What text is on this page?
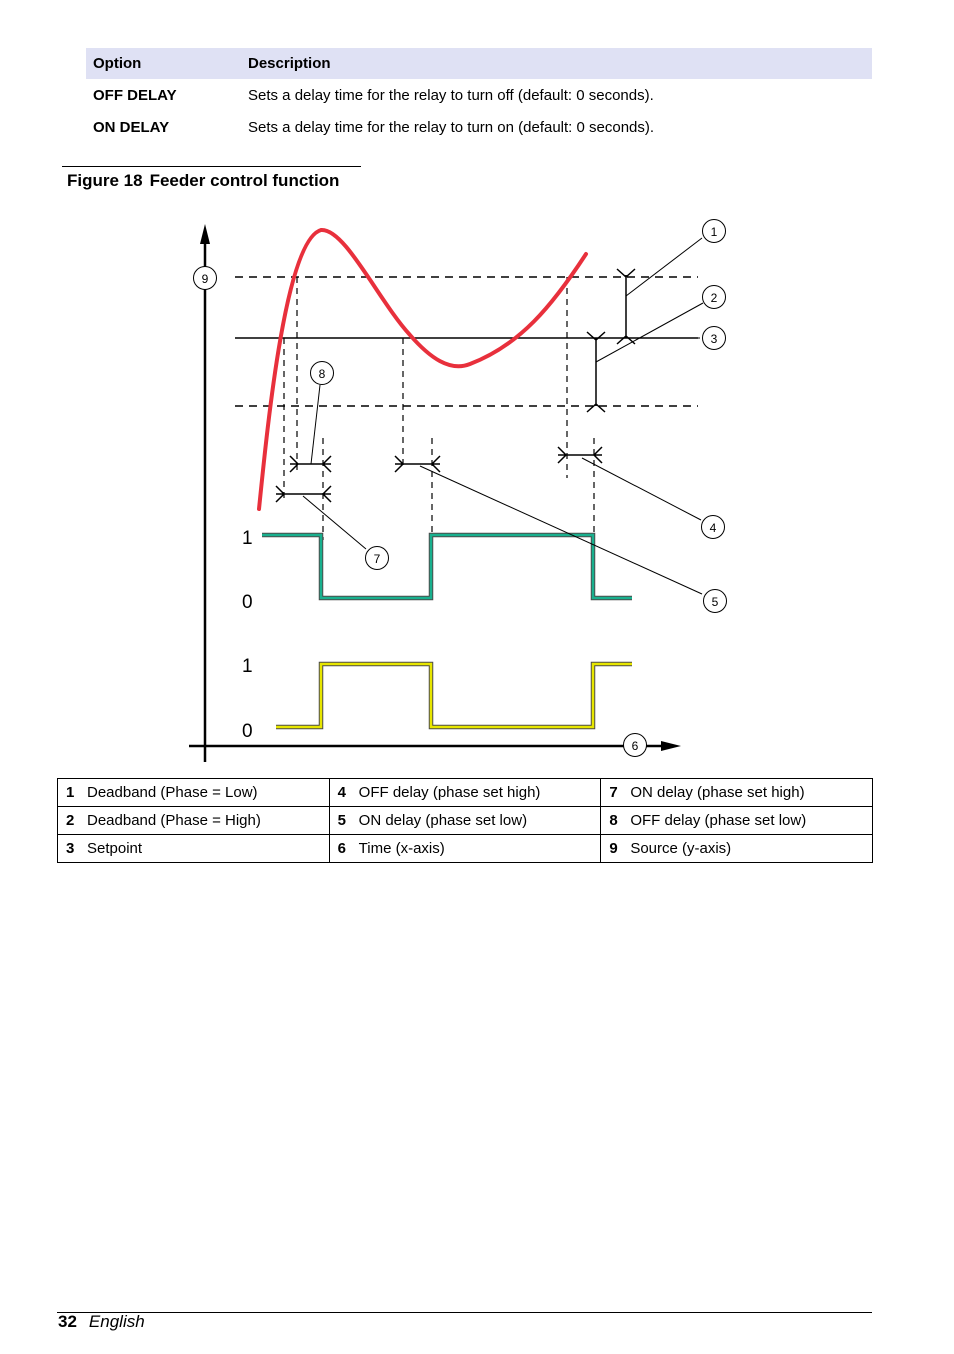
Option	Description
OFF DELAY	Sets a delay time for the relay to turn off (default: 0 seconds).
ON DELAY	Sets a delay time for the relay to turn on (default: 0 seconds).
Figure 18 Feeder control function
1
0
1
0
1
2
3
4
5
6
7
8
9
1 Deadband (Phase = Low)	4 OFF delay (phase set high)	7 ON delay (phase set high)
2 Deadband (Phase = High)	5 ON delay (phase set low)	8 OFF delay (phase set low)
3 Setpoint	6 Time (x-axis)	9 Source (y-axis)
32 English
